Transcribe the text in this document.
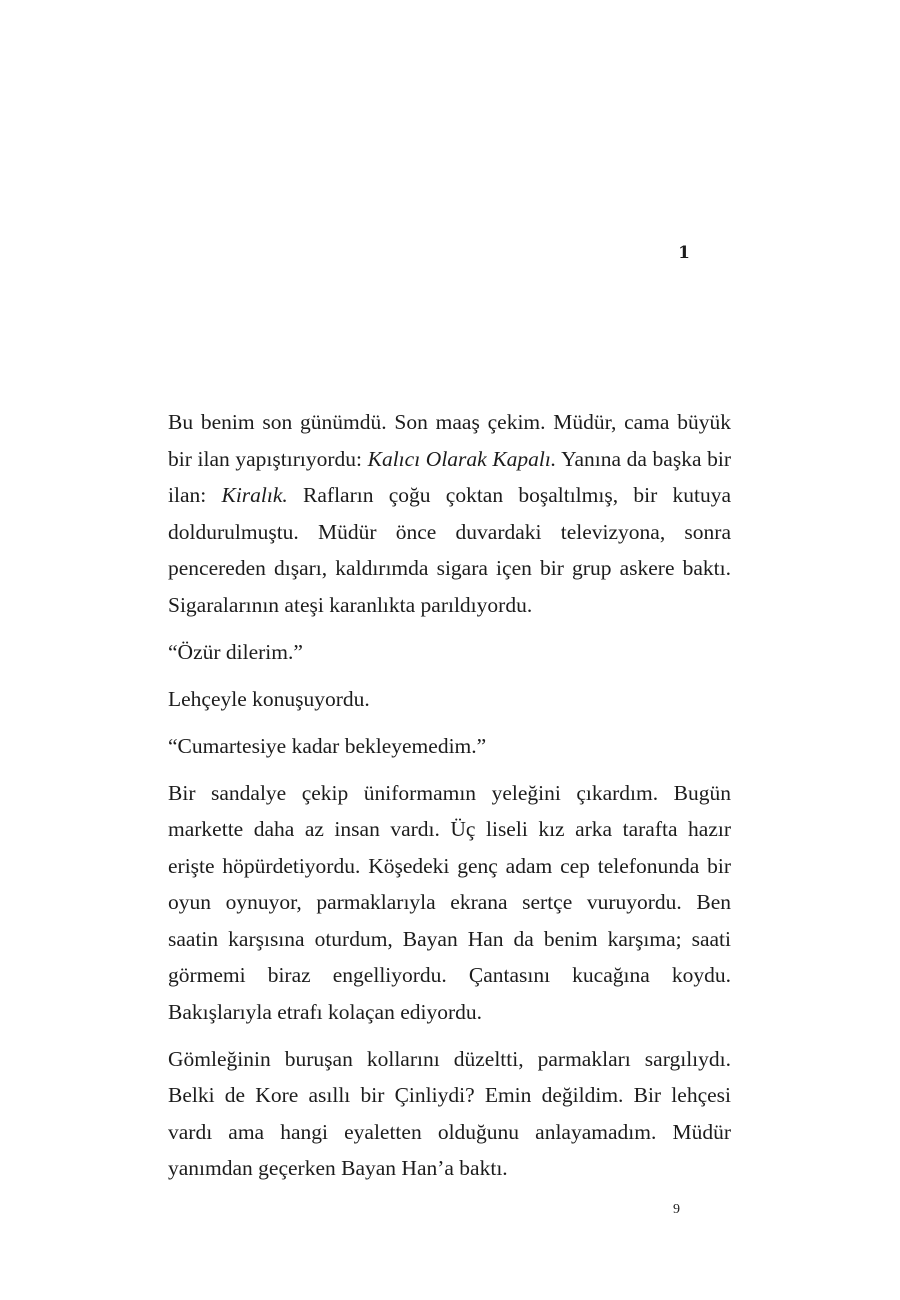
1

Bu benim son günümdü. Son maaş çekim. Müdür, cama büyük bir ilan yapıştırıyordu: Kalıcı Olarak Kapalı. Yanına da başka bir ilan: Kiralık. Rafların çoğu çoktan boşaltılmış, bir kutuya doldurulmuştu. Müdür önce duvardaki televizyona, sonra pencereden dışarı, kaldırımda sigara içen bir grup askere baktı. Sigaralarının ateşi karanlıkta parıldıyordu.

“Özür dilerim.”

Lehçeyle konuşuyordu.

“Cumartesiye kadar bekleyemedim.”

Bir sandalye çekip üniformamın yeleğini çıkardım. Bugün markette daha az insan vardı. Üç liseli kız arka tarafta hazır erişte höpürdetiyordu. Köşedeki genç adam cep telefonunda bir oyun oynuyor, parmaklarıyla ekrana sertçe vuruyordu. Ben saatin karşısına oturdum, Bayan Han da benim karşıma; saati görmemi biraz engelliyordu. Çantasını kucağına koydu. Bakışlarıyla etrafı kolaçan ediyordu.

Gömleğinin buruşan kollarını düzeltti, parmakları sargılıydı. Belki de Kore asıllı bir Çinliydi? Emin değildim. Bir lehçesi vardı ama hangi eyaletten olduğunu anlayamadım. Müdür yanımdan geçerken Bayan Han’a baktı.

9
